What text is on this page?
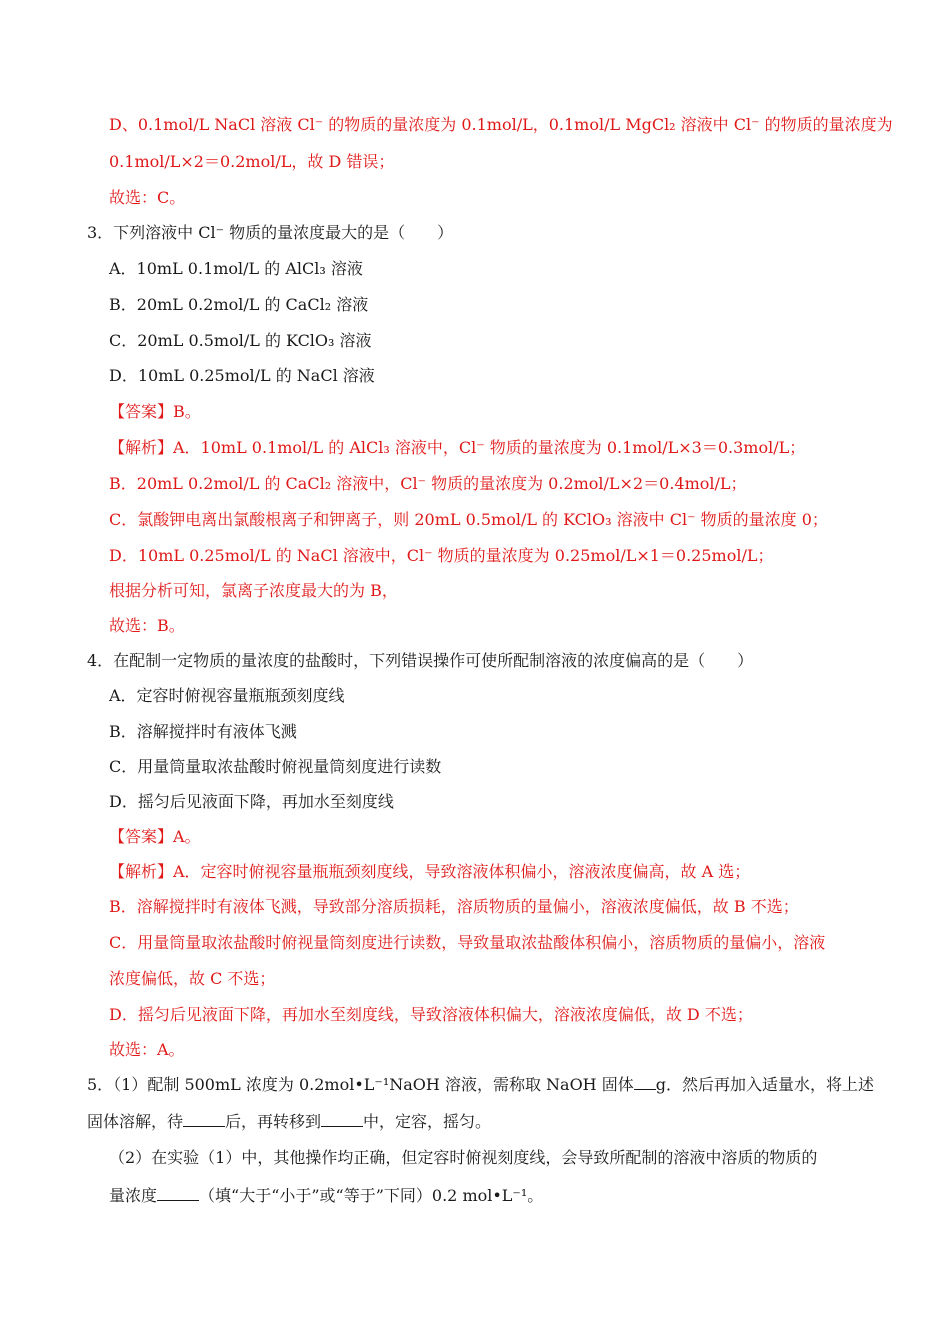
D、0.1mol/L NaCl 溶液 Cl⁻ 的物质的量浓度为 0.1mol/L，0.1mol/L MgCl₂ 溶液中 Cl⁻ 的物质的量浓度为
0.1mol/L×2＝0.2mol/L，故 D 错误；
故选：C。
3．下列溶液中 Cl⁻ 物质的量浓度最大的是（　　）
A．10mL 0.1mol/L 的 AlCl₃ 溶液
B．20mL 0.2mol/L 的 CaCl₂ 溶液
C．20mL 0.5mol/L 的 KClO₃ 溶液
D．10mL 0.25mol/L 的 NaCl 溶液
【答案】B。
【解析】A．10mL 0.1mol/L 的 AlCl₃ 溶液中，Cl⁻ 物质的量浓度为 0.1mol/L×3＝0.3mol/L；
B．20mL 0.2mol/L 的 CaCl₂ 溶液中，Cl⁻ 物质的量浓度为 0.2mol/L×2＝0.4mol/L；
C．氯酸钾电离出氯酸根离子和钾离子，则 20mL 0.5mol/L 的 KClO₃ 溶液中 Cl⁻ 物质的量浓度 0；
D．10mL 0.25mol/L 的 NaCl 溶液中，Cl⁻ 物质的量浓度为 0.25mol/L×1＝0.25mol/L；
根据分析可知，氯离子浓度最大的为 B，
故选：B。
4．在配制一定物质的量浓度的盐酸时，下列错误操作可使所配制溶液的浓度偏高的是（　　）
A．定容时俯视容量瓶瓶颈刻度线
B．溶解搅拌时有液体飞溅
C．用量筒量取浓盐酸时俯视量筒刻度进行读数
D．摇匀后见液面下降，再加水至刻度线
【答案】A。
【解析】A．定容时俯视容量瓶瓶颈刻度线，导致溶液体积偏小，溶液浓度偏高，故 A 选；
B．溶解搅拌时有液体飞溅，导致部分溶质损耗，溶质物质的量偏小，溶液浓度偏低，故 B 不选；
C．用量筒量取浓盐酸时俯视量筒刻度进行读数，导致量取浓盐酸体积偏小，溶质物质的量偏小，溶液
浓度偏低，故 C 不选；
D．摇匀后见液面下降，再加水至刻度线，导致溶液体积偏大，溶液浓度偏低，故 D 不选；
故选：A。
5．（1）配制 500mL 浓度为 0.2mol•L⁻¹NaOH 溶液，需称取 NaOH 固体 g．然后再加入适量水，将上述
固体溶解，待	后，再转移到	中，定容，摇匀。
（2）在实验（1）中，其他操作均正确，但定容时俯视刻度线，会导致所配制的溶液中溶质的物质的
量浓度	（填“大于“小于”或“等于”下同）0.2 mol•L⁻¹。
